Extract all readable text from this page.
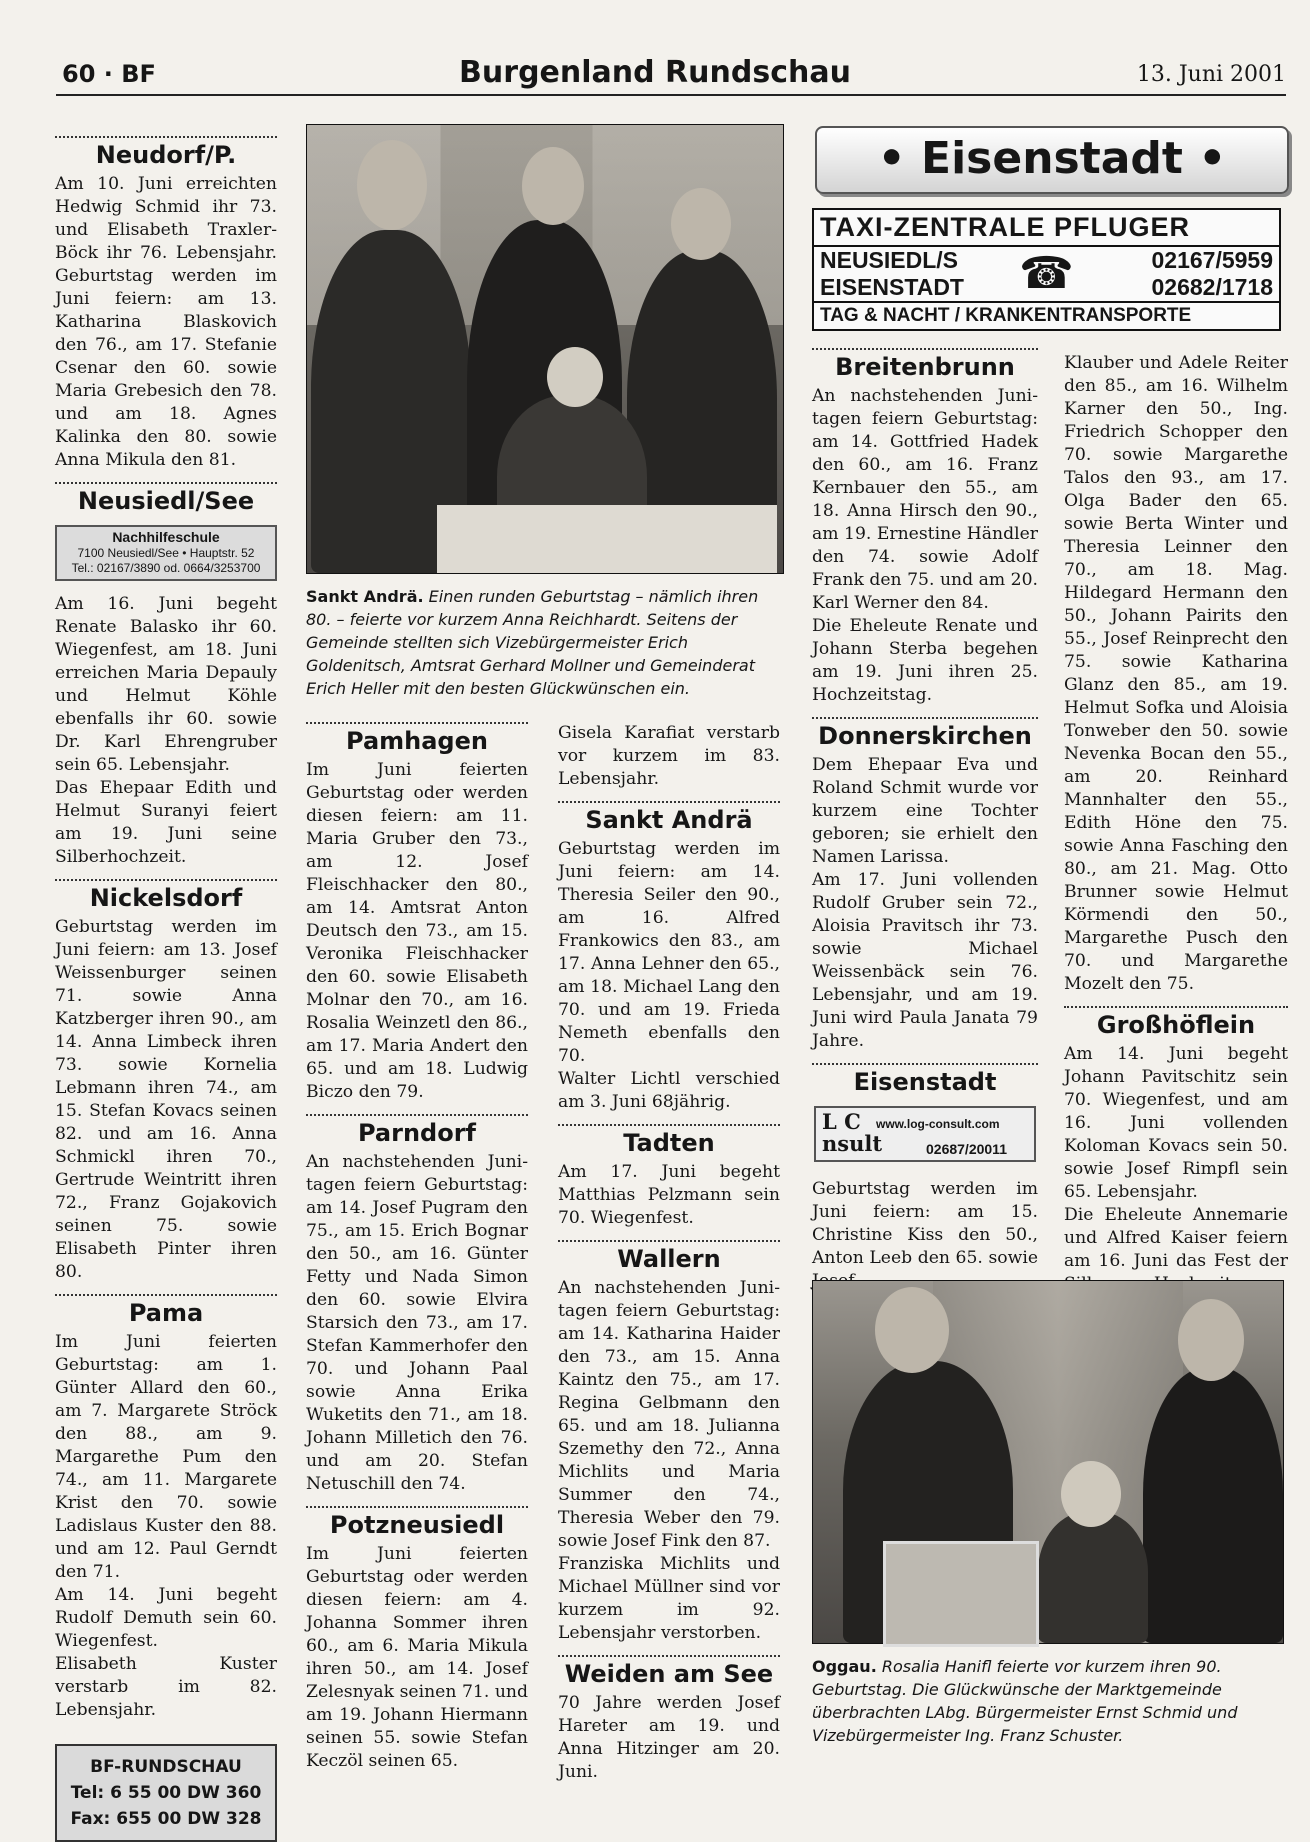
60 · BF	Burgenland Rundschau	13. Juni 2001
Neudorf/P.

Am 10. Juni erreichten Hedwig Schmid ihr 73. und Elisabeth Traxler-Böck ihr 76. Lebensjahr. Geburtstag werden im Juni feiern: am 13. Katharina Blaskovich den 76., am 17. Stefanie Csenar den 60. sowie Maria Grebesich den 78. und am 18. Agnes Kalinka den 80. sowie Anna Mikula den 81.

Neusiedl/See
Nachhilfeschule
7100 Neusiedl/See • Hauptstr. 52
Tel.: 02167/3890 od. 0664/3253700

Am 16. Juni begeht Renate Balasko ihr 60. Wiegenfest, am 18. Juni erreichen Maria Depauly und Helmut Köhle ebenfalls ihr 60. sowie Dr. Karl Ehrengruber sein 65. Lebensjahr.

Das Ehepaar Edith und Helmut Suranyi feiert am 19. Juni seine Silberhochzeit.

Nickelsdorf

Geburtstag werden im Juni feiern: am 13. Josef Weissenburger seinen 71. sowie Anna Katzberger ihren 90., am 14. Anna Limbeck ihren 73. sowie Kornelia Lebmann ihren 74., am 15. Stefan Kovacs seinen 82. und am 16. Anna Schmickl ihren 70., Gertrude Weintritt ihren 72., Franz Gojakovich seinen 75. sowie Elisabeth Pinter ihren 80.

Pama

Im Juni feierten Geburtstag: am 1. Günter Allard den 60., am 7. Margarete Ströck den 88., am 9. Margarethe Pum den 74., am 11. Margarete Krist den 70. sowie Ladislaus Kuster den 88. und am 12. Paul Gerndt den 71.

Am 14. Juni begeht Rudolf Demuth sein 60. Wiegenfest.

Elisabeth Kuster verstarb im 82. Lebensjahr.

BF-RUNDSCHAU
Tel: 6 55 00 DW 360
Fax: 655 00 DW 328
Sankt Andrä. Einen runden Geburtstag – nämlich ihren 80. – feierte vor kurzem Anna Reichhardt. Seitens der Gemeinde stellten sich Vizebürgermeister Erich Goldenitsch, Amtsrat Gerhard Mollner und Gemeinderat Erich Heller mit den besten Glückwünschen ein.
Pamhagen

Im Juni feierten Geburtstag oder werden diesen feiern: am 11. Maria Gruber den 73., am 12. Josef Fleischhacker den 80., am 14. Amtsrat Anton Deutsch den 73., am 15. Veronika Fleischhacker den 60. sowie Elisabeth Molnar den 70., am 16. Rosalia Weinzetl den 86., am 17. Maria Andert den 65. und am 18. Ludwig Biczo den 79.

Parndorf

An nachstehenden Junitagen feiern Geburtstag: am 14. Josef Pugram den 75., am 15. Erich Bognar den 50., am 16. Günter Fetty und Nada Simon den 60. sowie Elvira Starsich den 73., am 17. Stefan Kammerhofer den 70. und Johann Paal sowie Anna Erika Wuketits den 71., am 18. Johann Milletich den 76. und am 20. Stefan Netuschill den 74.

Potzneusiedl

Im Juni feierten Geburtstag oder werden diesen feiern: am 4. Johanna Sommer ihren 60., am 6. Maria Mikula ihren 50., am 14. Josef Zelesnyak seinen 71. und am 19. Johann Hiermann seinen 55. sowie Stefan Keczöl seinen 65.

Gisela Karafiat verstarb vor kurzem im 83. Lebensjahr.

Sankt Andrä

Geburtstag werden im Juni feiern: am 14. Theresia Seiler den 90., am 16. Alfred Frankowics den 83., am 17. Anna Lehner den 65., am 18. Michael Lang den 70. und am 19. Frieda Nemeth ebenfalls den 70.

Walter Lichtl verschied am 3. Juni 68jährig.

Tadten

Am 17. Juni begeht Matthias Pelzmann sein 70. Wiegenfest.

Wallern

An nachstehenden Junitagen feiern Geburtstag: am 14. Katharina Haider den 73., am 15. Anna Kaintz den 75., am 17. Regina Gelbmann den 65. und am 18. Julianna Szemethy den 72., Anna Michlits und Maria Summer den 74., Theresia Weber den 79. sowie Josef Fink den 87.

Franziska Michlits und Michael Müllner sind vor kurzem im 92. Lebensjahr verstorben.

Weiden am See

70 Jahre werden Josef Hareter am 19. und Anna Hitzinger am 20. Juni.

• Eisenstadt •
TAXI-ZENTRALE PFLUGER
NEUSIEDL/S	02167/5959
EISENSTADT	02682/1718
☎
TAG & NACHT / KRANKENTRANSPORTE
Breitenbrunn

An nachstehenden Junitagen feiern Geburtstag: am 14. Gottfried Hadek den 60., am 16. Franz Kernbauer den 55., am 18. Anna Hirsch den 90., am 19. Ernestine Händler den 74. sowie Adolf Frank den 75. und am 20. Karl Werner den 84.

Die Eheleute Renate und Johann Sterba begehen am 19. Juni ihren 25. Hochzeitstag.

Donnerskirchen

Dem Ehepaar Eva und Roland Schmit wurde vor kurzem eine Tochter geboren; sie erhielt den Namen Larissa.

Am 17. Juni vollenden Rudolf Gruber sein 72., Aloisia Pravitsch ihr 73. sowie Michael Weissenbäck sein 76. Lebensjahr, und am 19. Juni wird Paula Janata 79 Jahre.

Eisenstadt
L C nsult
www.log-consult.com
02687/20011

Geburtstag werden im Juni feiern: am 15. Christine Kiss den 50., Anton Leeb den 65. sowie

Klauber und Adele Reiter den 85., am 16. Wilhelm Karner den 50., Ing. Friedrich Schopper den 70. sowie Margarethe Talos den 93., am 17. Olga Bader den 65. sowie Berta Winter und Theresia Leinner den 70., am 18. Mag. Hildegard Hermann den 50., Johann Pairits den 55., Josef Reinprecht den 75. sowie Katharina Glanz den 85., am 19. Helmut Sofka und Aloisia Tonweber den 50. sowie Nevenka Bocan den 55., am 20. Reinhard Mannhalter den 55., Edith Höne den 75. sowie Anna Fasching den 80., am 21. Mag. Otto Brunner sowie Helmut Körmendi den 50., Margarethe Pusch den 70. und Margarethe Mozelt den 75.

Großhöflein

Am 14. Juni begeht Johann Pavitschitz sein 70. Wiegenfest, und am 16. Juni vollenden Koloman Kovacs sein 50. sowie Josef Rimpfl sein 65. Lebensjahr.

Die Eheleute Annemarie und Alfred Kaiser feiern am 16. Juni das Fest der

Oggau. Rosalia Hanifl feierte vor kurzem ihren 90. Geburtstag. Die Glückwünsche der Marktgemeinde überbrachten LAbg. Bürgermeister Ernst Schmid und Vizebürgermeister Ing. Franz Schuster.
